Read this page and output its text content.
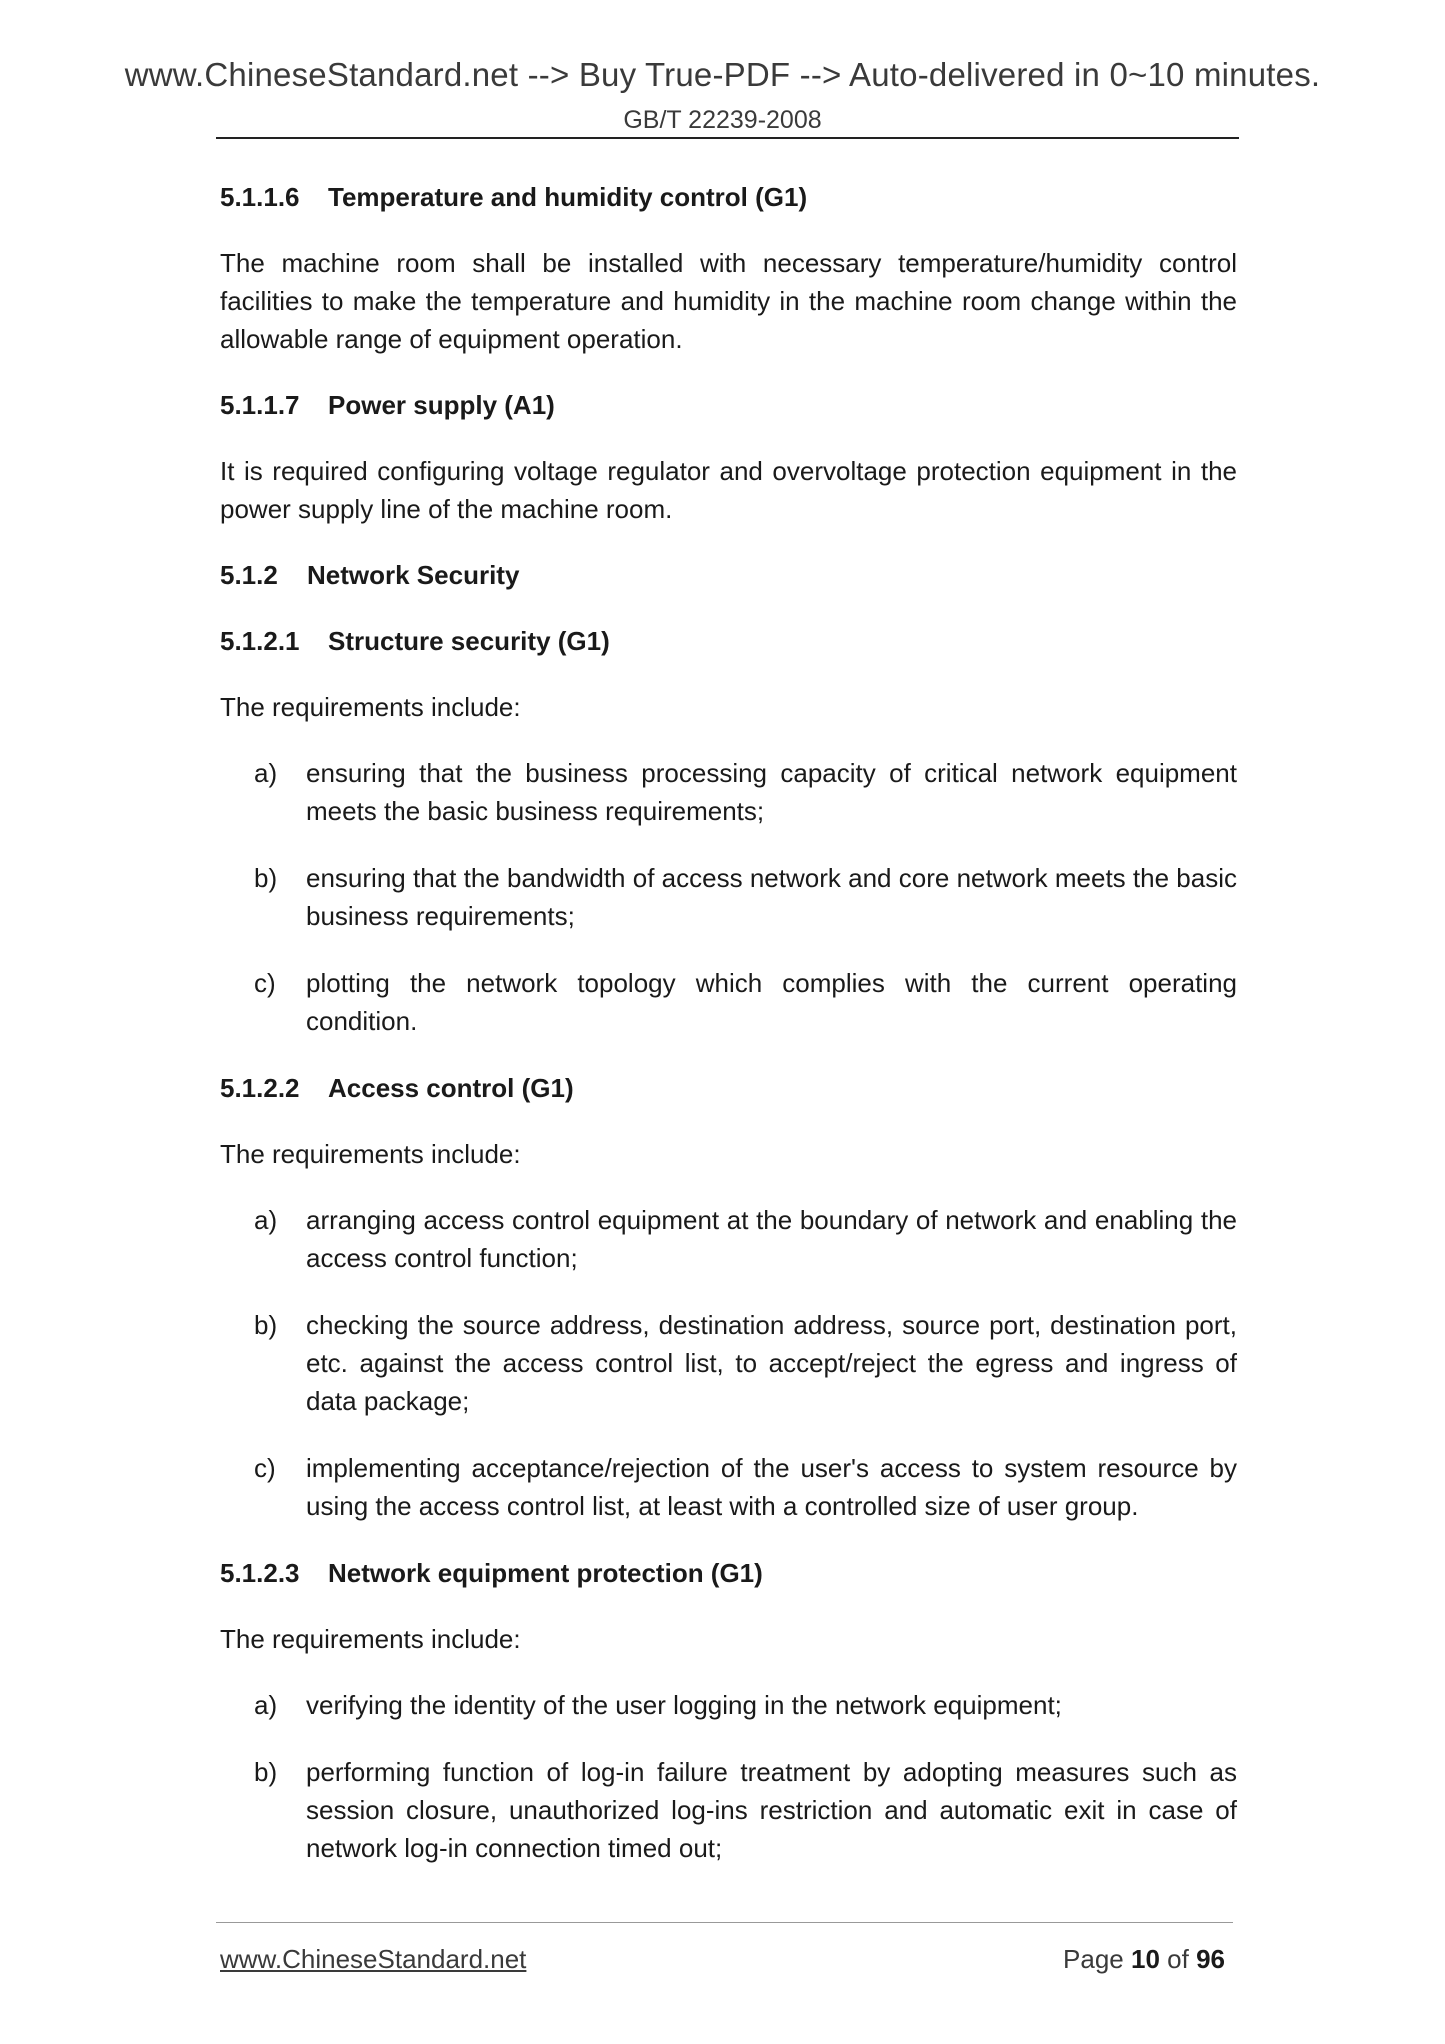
www.ChineseStandard.net --> Buy True-PDF --> Auto-delivered in 0~10 minutes.
GB/T 22239-2008
5.1.1.6 Temperature and humidity control (G1)
The machine room shall be installed with necessary temperature/humidity control facilities to make the temperature and humidity in the machine room change within the allowable range of equipment operation.
5.1.1.7 Power supply (A1)
It is required configuring voltage regulator and overvoltage protection equipment in the power supply line of the machine room.
5.1.2 Network Security
5.1.2.1 Structure security (G1)
The requirements include:
a) ensuring that the business processing capacity of critical network equipment meets the basic business requirements;
b) ensuring that the bandwidth of access network and core network meets the basic business requirements;
c) plotting the network topology which complies with the current operating condition.
5.1.2.2 Access control (G1)
The requirements include:
a) arranging access control equipment at the boundary of network and enabling the access control function;
b) checking the source address, destination address, source port, destination port, etc. against the access control list, to accept/reject the egress and ingress of data package;
c) implementing acceptance/rejection of the user's access to system resource by using the access control list, at least with a controlled size of user group.
5.1.2.3 Network equipment protection (G1)
The requirements include:
a) verifying the identity of the user logging in the network equipment;
b) performing function of log-in failure treatment by adopting measures such as session closure, unauthorized log-ins restriction and automatic exit in case of network log-in connection timed out;
www.ChineseStandard.net	Page 10 of 96
